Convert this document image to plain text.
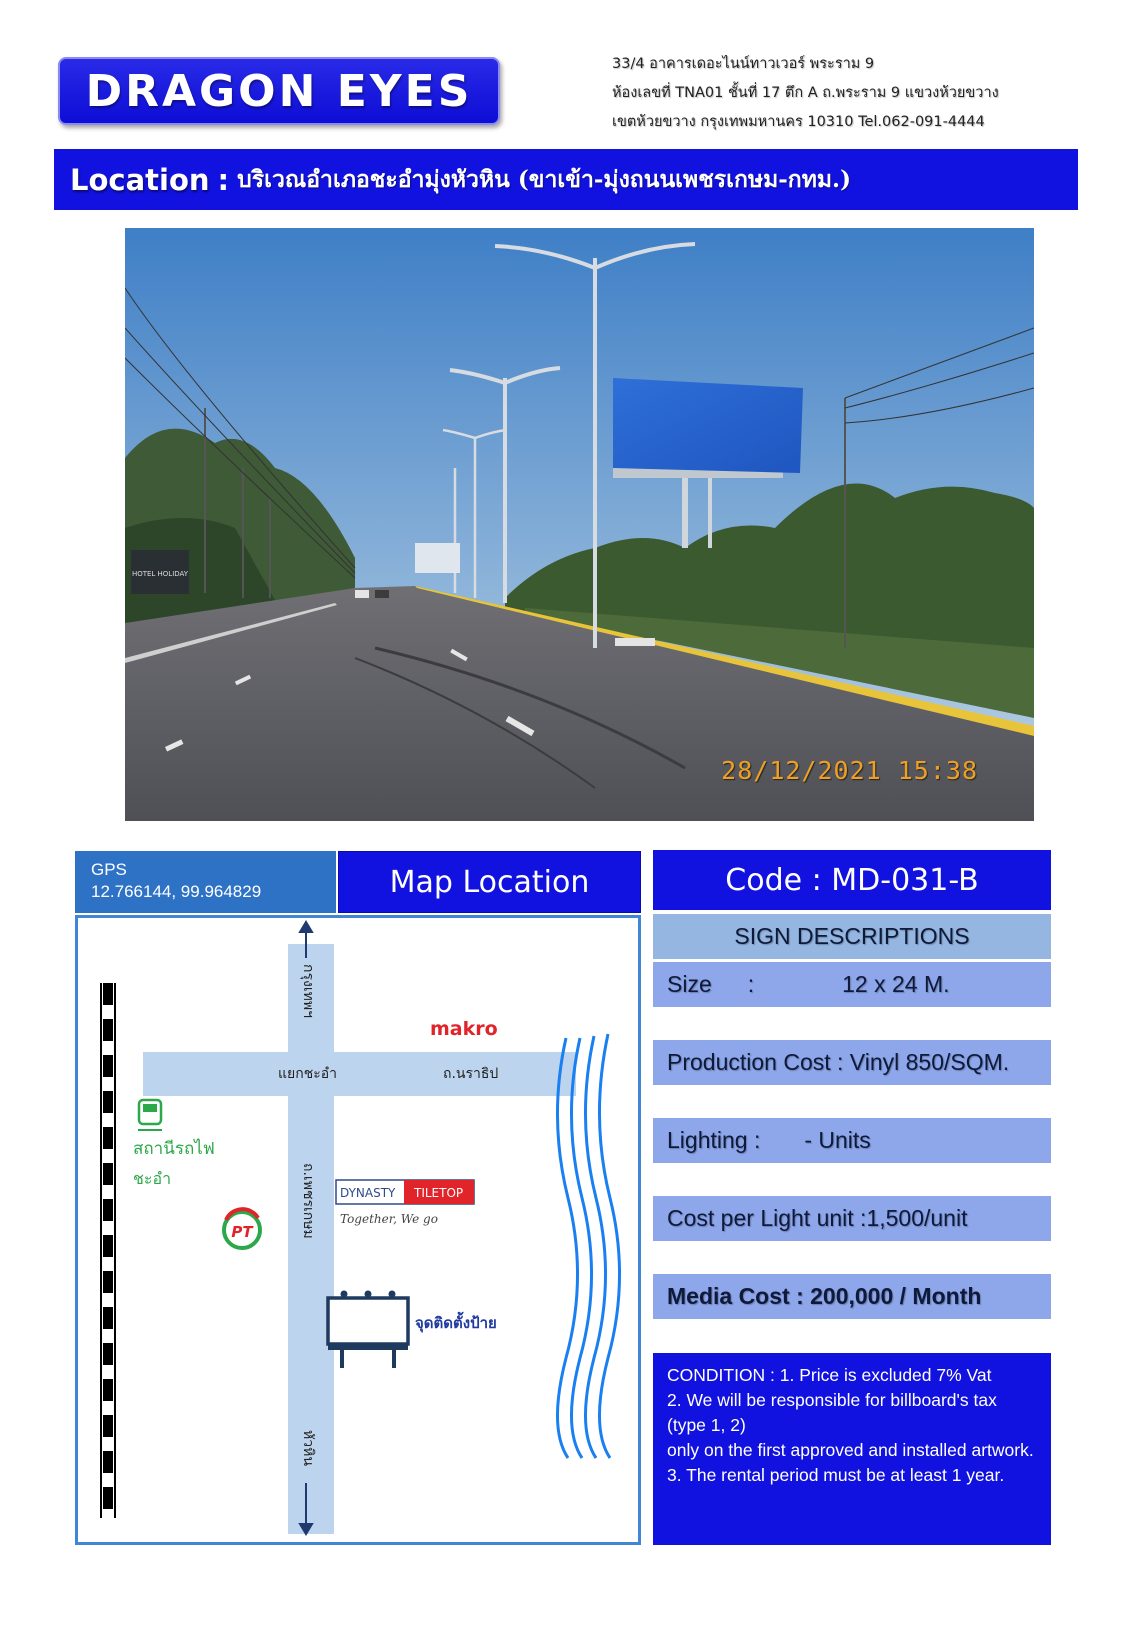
DRAGON EYES
33/4 อาคารเดอะไนน์ทาวเวอร์ พระราม 9
ห้องเลขที่ TNA01 ชั้นที่ 17 ตึก A ถ.พระราม 9 แขวงห้วยขวาง
เขตห้วยขวาง กรุงเทพมหานคร 10310 Tel.062-091-4444
Location : บริเวณอำเภอชะอำมุ่งหัวหิน (ขาเข้า-มุ่งถนนเพชรเกษม-กทม.)
HOTEL HOLIDAY
28/12/2021 15:38
GPS
12.766144, 99.964829	Map Location
กรุงเทพฯ
ถ.เพชรเกษม
หัวหิน
แยกชะอำ	ถ.นราธิป
makro
สถานีรถไฟ
ชะอำ
PT
DYNASTY TILETOP
Together, We go
จุดติดตั้งป้าย
Code : MD-031-B
SIGN DESCRIPTIONS
Size :	12 x 24 M.
Production Cost : Vinyl 850/SQM.
Lighting : - Units
Cost per Light unit :1,500/unit
Media Cost : 200,000 / Month
CONDITION : 1. Price is excluded 7% Vat
2. We will be responsible for billboard's tax (type 1, 2)
only on the first approved and installed artwork.
3. The rental period must be at least 1 year.
